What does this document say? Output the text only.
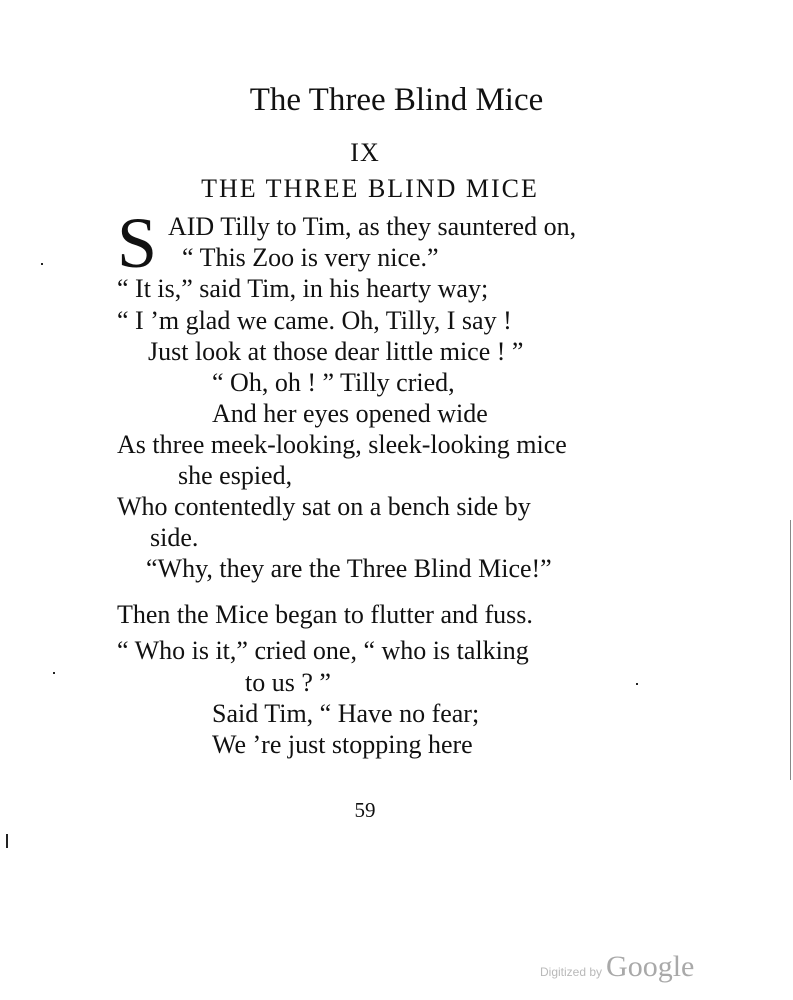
The Three Blind Mice
IX
THE THREE BLIND MICE
S AID Tilly to Tim, as they sauntered on,
“ This Zoo is very nice.”
“ It is,” said Tim, in his hearty way;
“ I ’m glad we came. Oh, Tilly, I say !
Just look at those dear little mice ! ”
“ Oh, oh ! ” Tilly cried,
And her eyes opened wide
As three meek-looking, sleek-looking mice
she espied,
Who contentedly sat on a bench side by
side.
“Why, they are the Three Blind Mice!”
Then the Mice began to flutter and fuss.
“ Who is it,” cried one, “ who is talking
to us ? ”
Said Tim, “ Have no fear;
We ’re just stopping here
59
Digitized by Google
